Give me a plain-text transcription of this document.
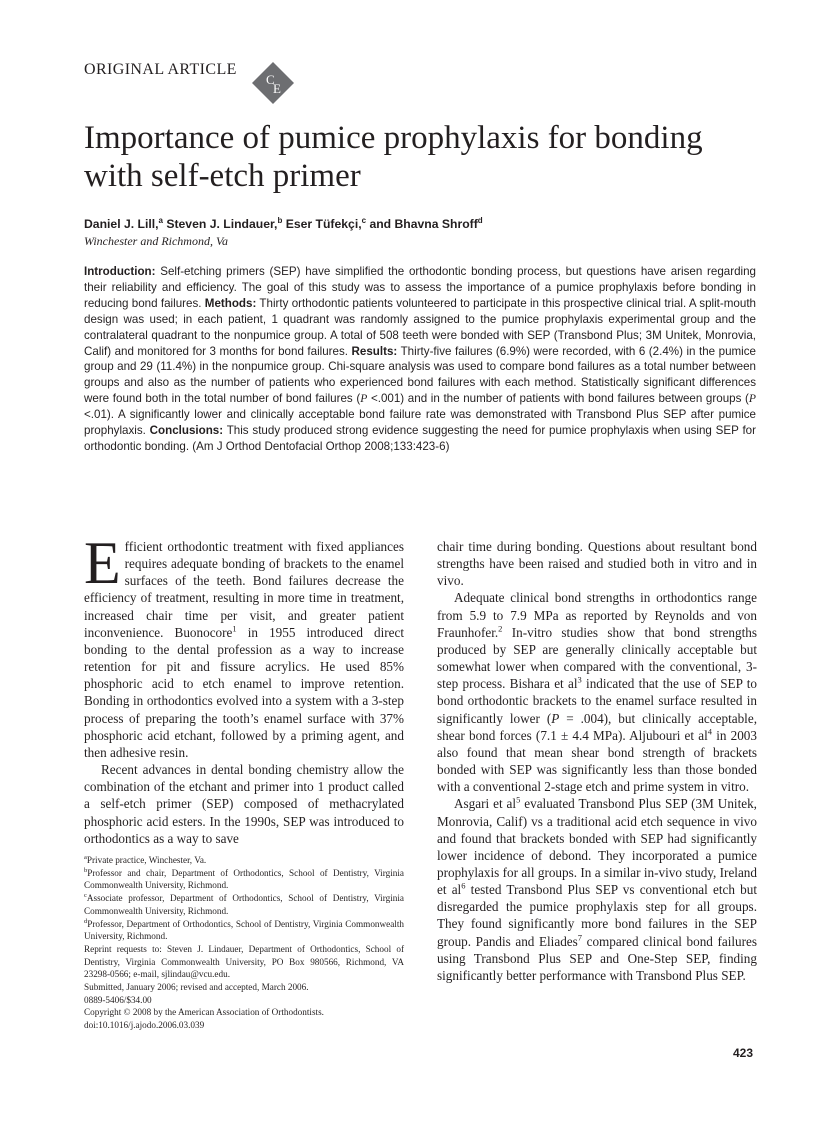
ORIGINAL ARTICLE
C
E
Importance of pumice prophylaxis for bonding with self-etch primer
Daniel J. Lill,$^a$ Steven J. Lindauer,$^b$ Eser Tüfekçi,$^c$ and Bhavna Shroff$^d$
Winchester and Richmond, Va
Introduction: Self-etching primers (SEP) have simplified the orthodontic bonding process, but questions have arisen regarding their reliability and efficiency. The goal of this study was to assess the importance of a pumice prophylaxis before bonding in reducing bond failures. Methods: Thirty orthodontic patients volunteered to participate in this prospective clinical trial. A split-mouth design was used; in each patient, 1 quadrant was randomly assigned to the pumice prophylaxis experimental group and the contralateral quadrant to the nonpumice group. A total of 508 teeth were bonded with SEP (Transbond Plus; 3M Unitek, Monrovia, Calif) and monitored for 3 months for bond failures. Results: Thirty-five failures (6.9%) were recorded, with 6 (2.4%) in the pumice group and 29 (11.4%) in the nonpumice group. Chi-square analysis was used to compare bond failures as a total number between groups and also as the number of patients who experienced bond failures with each method. Statistically significant differences were found both in the total number of bond failures (P <.001) and in the number of patients with bond failures between groups (P <.01). A significantly lower and clinically acceptable bond failure rate was demonstrated with Transbond Plus SEP after pumice prophylaxis. Conclusions: This study produced strong evidence suggesting the need for pumice prophylaxis when using SEP for orthodontic bonding. (Am J Orthod Dentofacial Orthop 2008;133:423-6)

Efficient orthodontic treatment with fixed appliances requires adequate bonding of brackets to the enamel surfaces of the teeth. Bond failures decrease the efficiency of treatment, resulting in more time in treatment, increased chair time per visit, and greater patient inconvenience. Buonocore$^1$ in 1955 introduced direct bonding to the dental profession as a way to increase retention for pit and fissure acrylics. He used 85% phosphoric acid to etch enamel to improve retention. Bonding in orthodontics evolved into a system with a 3-step process of preparing the tooth’s enamel surface with 37% phosphoric acid etchant, followed by a priming agent, and then adhesive resin.

Recent advances in dental bonding chemistry allow the combination of the etchant and primer into 1 product called a self-etch primer (SEP) composed of methacrylated phosphoric acid esters. In the 1990s, SEP was introduced to orthodontics as a way to save

$^a$Private practice, Winchester, Va.

$^b$Professor and chair, Department of Orthodontics, School of Dentistry, Virginia Commonwealth University, Richmond.

$^c$Associate professor, Department of Orthodontics, School of Dentistry, Virginia Commonwealth University, Richmond.

$^d$Professor, Department of Orthodontics, School of Dentistry, Virginia Commonwealth University, Richmond.

Reprint requests to: Steven J. Lindauer, Department of Orthodontics, School of Dentistry, Virginia Commonwealth University, PO Box 980566, Richmond, VA 23298-0566; e-mail, sjlindau@vcu.edu.

Submitted, January 2006; revised and accepted, March 2006.

0889-5406/$34.00

Copyright © 2008 by the American Association of Orthodontists.

doi:10.1016/j.ajodo.2006.03.039

chair time during bonding. Questions about resultant bond strengths have been raised and studied both in vitro and in vivo.

Adequate clinical bond strengths in orthodontics range from 5.9 to 7.9 MPa as reported by Reynolds and von Fraunhofer.$^2$ In-vitro studies show that bond strengths produced by SEP are generally clinically acceptable but somewhat lower when compared with the conventional, 3-step process. Bishara et $al^3$ indicated that the use of SEP to bond orthodontic brackets to the enamel surface resulted in significantly lower (P = .004), but clinically acceptable, shear bond forces (7.1 ± 4.4 MPa). Aljubouri et $al^4$ in 2003 also found that mean shear bond strength of brackets bonded with SEP was significantly less than those bonded with a conventional 2-stage etch and prime system in vitro.

Asgari et $al^5$ evaluated Transbond Plus SEP (3M Unitek, Monrovia, Calif) vs a traditional acid etch sequence in vivo and found that brackets bonded with SEP had significantly lower incidence of debond. They incorporated a pumice prophylaxis for all groups. In a similar in-vivo study, Ireland et $al^6$ tested Transbond Plus SEP vs conventional etch but disregarded the pumice prophylaxis step for all groups. They found significantly more bond failures in the SEP group. Pandis and Eliades$^7$ compared clinical bond failures using Transbond Plus SEP and One-Step SEP, finding significantly better performance with Transbond Plus SEP.

423
